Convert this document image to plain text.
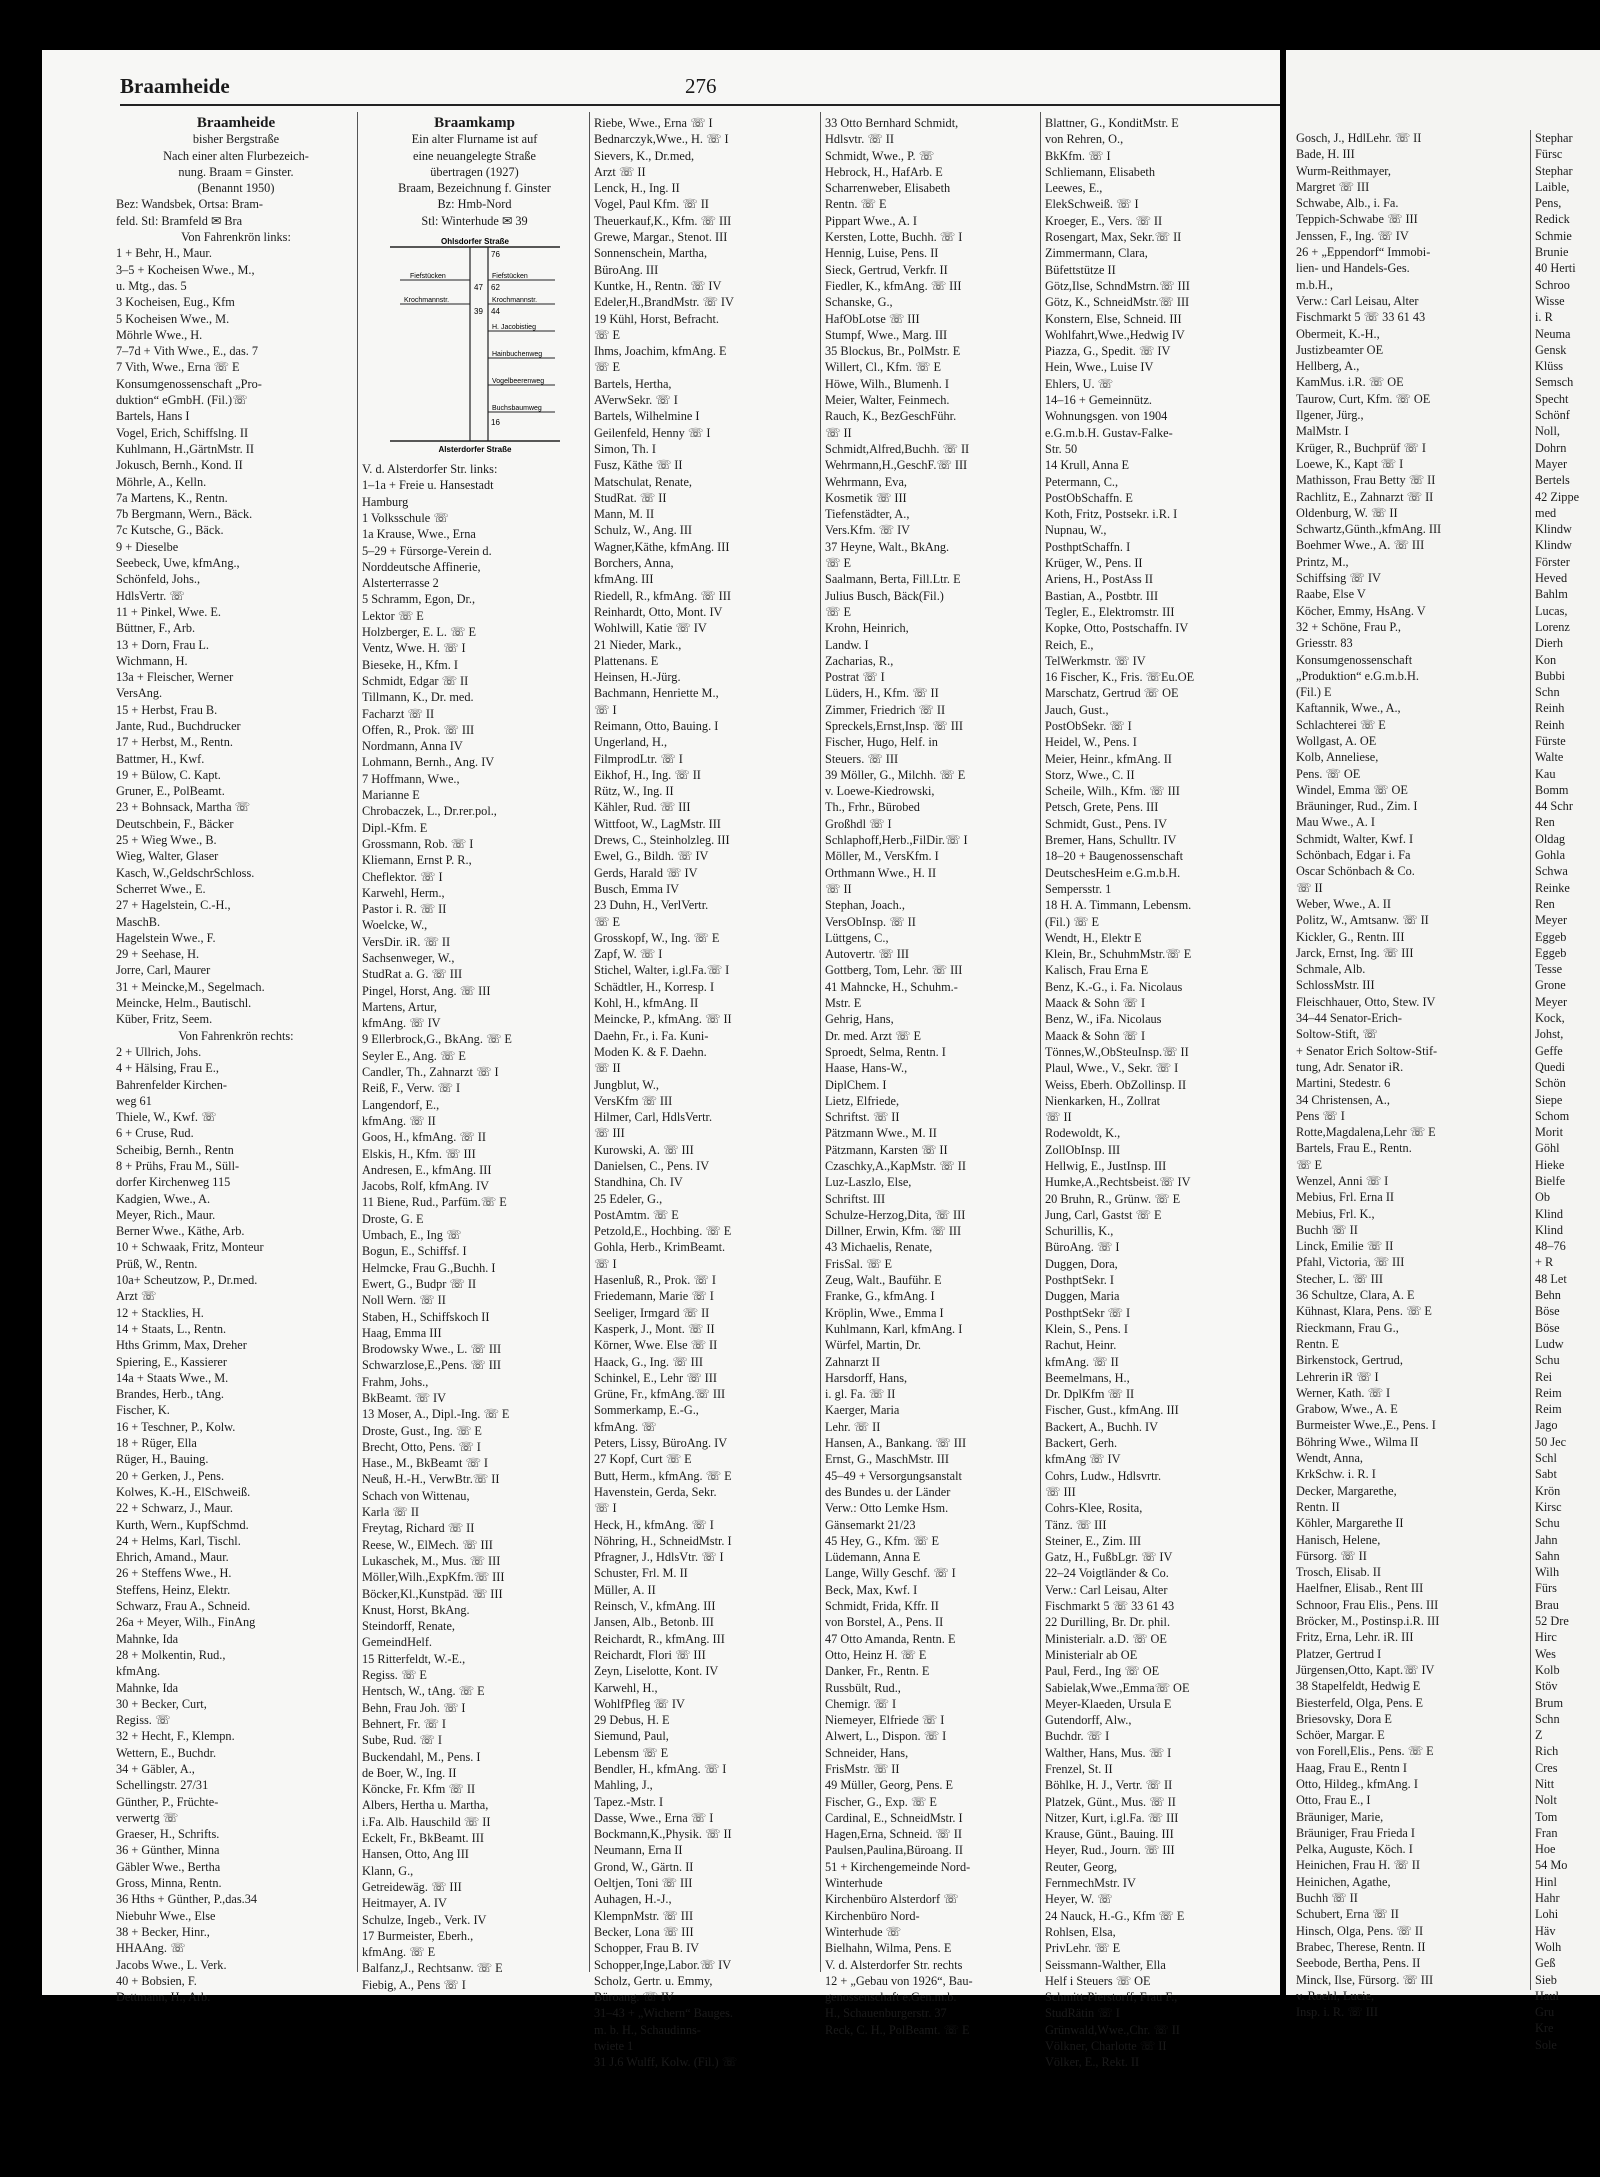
Braamheide	276
Braamheide
bisher Bergstraße
Nach einer alten Flurbezeich-
nung. Braam = Ginster.
(Benannt 1950)
Bez: Wandsbek, Ortsa: Bram-
feld. Stl: Bramfeld ✉ Bra
Von Fahrenkrön links:
1 + Behr, H., Maur.
3–5 + Kocheisen Wwe., M.,
u. Mtg., das. 5
3 Kocheisen, Eug., Kfm
5 Kocheisen Wwe., M.
Möhrle Wwe., H.
7–7d + Vith Wwe., E., das. 7
7 Vith, Wwe., Erna ☏ E
Konsumgenossenschaft „Pro-
duktion“ eGmbH. (Fil.)☏
Bartels, Hans I
Vogel, Erich, Schiffslng. II
Kuhlmann, H.,GärtnMstr. II
Jokusch, Bernh., Kond. II
Möhrle, A., Kelln.
7a Martens, K., Rentn.
7b Bergmann, Wern., Bäck.
7c Kutsche, G., Bäck.
9 + Dieselbe
Seebeck, Uwe, kfmAng.,
Schönfeld, Johs.,
HdlsVertr. ☏
11 + Pinkel, Wwe. E.
Büttner, F., Arb.
13 + Dorn, Frau L.
Wichmann, H.
13a + Fleischer, Werner
VersAng.
15 + Herbst, Frau B.
Jante, Rud., Buchdrucker
17 + Herbst, M., Rentn.
Battmer, H., Kwf.
19 + Bülow, C. Kapt.
Gruner, E., PolBeamt.
23 + Bohnsack, Martha ☏
Deutschbein, F., Bäcker
25 + Wieg Wwe., B.
Wieg, Walter, Glaser
Kasch, W.,GeldschrSchloss.
Scherret Wwe., E.
27 + Hagelstein, C.-H.,
MaschB.
Hagelstein Wwe., F.
29 + Seehase, H.
Jorre, Carl, Maurer
31 + Meincke,M., Segelmach.
Meincke, Helm., Bautischl.
Küber, Fritz, Seem.
Von Fahrenkrön rechts:
2 + Ullrich, Johs.
4 + Hälsing, Frau E.,
Bahrenfelder Kirchen-
weg 61
Thiele, W., Kwf. ☏
6 + Cruse, Rud.
Scheibig, Bernh., Rentn
8 + Prühs, Frau M., Süll-
dorfer Kirchenweg 115
Kadgien, Wwe., A.
Meyer, Rich., Maur.
Berner Wwe., Käthe, Arb.
10 + Schwaak, Fritz, Monteur
Prüß, W., Rentn.
10a+ Scheutzow, P., Dr.med.
Arzt ☏
12 + Stacklies, H.
14 + Staats, L., Rentn.
Hths Grimm, Max, Dreher
Spiering, E., Kassierer
14a + Staats Wwe., M.
Brandes, Herb., tAng.
Fischer, K.
16 + Teschner, P., Kolw.
18 + Rüger, Ella
Rüger, H., Bauing.
20 + Gerken, J., Pens.
Kolwes, K.-H., ElSchweiß.
22 + Schwarz, J., Maur.
Kurth, Wern., KupfSchmd.
24 + Helms, Karl, Tischl.
Ehrich, Amand., Maur.
26 + Steffens Wwe., H.
Steffens, Heinz, Elektr.
Schwarz, Frau A., Schneid.
26a + Meyer, Wilh., FinAng
Mahnke, Ida
28 + Molkentin, Rud.,
kfmAng.
Mahnke, Ida
30 + Becker, Curt,
Regiss. ☏
32 + Hecht, F., Klempn.
Wettern, E., Buchdr.
34 + Gäbler, A.,
Schellingstr. 27/31
Günther, P., Früchte-
verwertg ☏
Graeser, H., Schrifts.
36 + Günther, Minna
Gäbler Wwe., Bertha
Gross, Minna, Rentn.
36 Hths + Günther, P.,das.34
Niebuhr Wwe., Else
38 + Becker, Hinr.,
HHAAng. ☏
Jacobs Wwe., L. Verk.
40 + Bobsien, F.
Dettmann, H., Arb.
Braamkamp
Ein alter Flurname ist auf
eine neuangelegte Straße
übertragen (1927)
Braam, Bezeichnung f. Ginster
Bz: Hmb-Nord
Stl: Winterhude ✉ 39
Ohlsdorfer Straße
76
Fiefstücken	Fiefstücken
47 62
Krochmannstr.	Krochmannstr.
39 44
H. Jacobistieg
Hainbuchenweg
Vogelbeerenweg
Buchsbaumweg
16
Alsterdorfer Straße
V. d. Alsterdorfer Str. links:
1–1a + Freie u. Hansestadt
Hamburg
1 Volksschule ☏
1a Krause, Wwe., Erna
5–29 + Fürsorge-Verein d.
Norddeutsche Affinerie,
Alsterterrasse 2
5 Schramm, Egon, Dr.,
Lektor ☏ E
Holzberger, E. L. ☏ E
Ventz, Wwe. H. ☏ I
Bieseke, H., Kfm. I
Schmidt, Edgar ☏ II
Tillmann, K., Dr. med.
Facharzt ☏ II
Offen, R., Prok. ☏ III
Nordmann, Anna IV
Lohmann, Bernh., Ang. IV
7 Hoffmann, Wwe.,
Marianne E
Chrobaczek, L., Dr.rer.pol.,
Dipl.-Kfm. E
Grossmann, Rob. ☏ I
Kliemann, Ernst P. R.,
Cheflektor. ☏ I
Karwehl, Herm.,
Pastor i. R. ☏ II
Woelcke, W.,
VersDir. iR. ☏ II
Sachsenweger, W.,
StudRat a. G. ☏ III
Pingel, Horst, Ang. ☏ III
Martens, Artur,
kfmAng. ☏ IV
9 Ellerbrock,G., BkAng. ☏ E
Seyler E., Ang. ☏ E
Candler, Th., Zahnarzt ☏ I
Reiß, F., Verw. ☏ I
Langendorf, E.,
kfmAng. ☏ II
Goos, H., kfmAng. ☏ II
Elskis, H., Kfm. ☏ III
Andresen, E., kfmAng. III
Jacobs, Rolf, kfmAng. IV
11 Biene, Rud., Parfüm.☏ E
Droste, G. E
Umbach, E., Ing ☏
Bogun, E., Schiffsf. I
Helmcke, Frau G.,Buchh. I
Ewert, G., Budpr ☏ II
Noll Wern. ☏ II
Staben, H., Schiffskoch II
Haag, Emma III
Brodowsky Wwe., L. ☏ III
Schwarzlose,E.,Pens. ☏ III
Frahm, Johs.,
BkBeamt. ☏ IV
13 Moser, A., Dipl.-Ing. ☏ E
Droste, Gust., Ing. ☏ E
Brecht, Otto, Pens. ☏ I
Hase., M., BkBeamt ☏ I
Neuß, H.-H., VerwBtr.☏ II
Schach von Wittenau,
Karla ☏ II
Freytag, Richard ☏ II
Reese, W., ElMech. ☏ III
Lukaschek, M., Mus. ☏ III
Möller,Wilh.,ExpKfm.☏ III
Böcker,Kl.,Kunstpäd. ☏ III
Knust, Horst, BkAng.
Steindorff, Renate,
GemeindHelf.
15 Ritterfeldt, W.-E.,
Regiss. ☏ E
Hentsch, W., tAng. ☏ E
Behn, Frau Joh. ☏ I
Behnert, Fr. ☏ I
Sube, Rud. ☏ I
Buckendahl, M., Pens. I
de Boer, W., Ing. II
Köncke, Fr. Kfm ☏ II
Albers, Hertha u. Martha,
i.Fa. Alb. Hauschild ☏ II
Eckelt, Fr., BkBeamt. III
Hansen, Otto, Ang III
Klann, G.,
Getreidewäg. ☏ III
Heitmayer, A. IV
Schulze, Ingeb., Verk. IV
17 Burmeister, Eberh.,
kfmAng. ☏ E
Balfanz,J., Rechtsanw. ☏ E
Fiebig, A., Pens ☏ I
Riebe, Wwe., Erna ☏ I
Bednarczyk,Wwe., H. ☏ I
Sievers, K., Dr.med,
Arzt ☏ II
Lenck, H., Ing. II
Vogel, Paul Kfm. ☏ II
Theuerkauf,K., Kfm. ☏ III
Grewe, Margar., Stenot. III
Sonnenschein, Martha,
BüroAng. III
Kuntke, H., Rentn. ☏ IV
Edeler,H.,BrandMstr. ☏ IV
19 Kühl, Horst, Befracht.
☏ E
Ihms, Joachim, kfmAng. E
☏ E
Bartels, Hertha,
AVerwSekr. ☏ I
Bartels, Wilhelmine I
Geilenfeld, Henny ☏ I
Simon, Th. I
Fusz, Käthe ☏ II
Matschulat, Renate,
StudRat. ☏ II
Mann, M. II
Schulz, W., Ang. III
Wagner,Käthe, kfmAng. III
Borchers, Anna,
kfmAng. III
Riedell, R., kfmAng. ☏ III
Reinhardt, Otto, Mont. IV
Wohlwill, Katie ☏ IV
21 Nieder, Mark.,
Plattenans. E
Heinsen, H.-Jürg.
Bachmann, Henriette M.,
☏ I
Reimann, Otto, Bauing. I
Ungerland, H.,
FilmprodLtr. ☏ I
Eikhof, H., Ing. ☏ II
Rütz, W., Ing. II
Kähler, Rud. ☏ III
Wittfoot, W., LagMstr. III
Drews, C., Steinholzleg. III
Ewel, G., Bildh. ☏ IV
Gerds, Harald ☏ IV
Busch, Emma IV
23 Duhn, H., VerlVertr.
☏ E
Grosskopf, W., Ing. ☏ E
Zapf, W. ☏ I
Stichel, Walter, i.gl.Fa.☏ I
Schädtler, H., Korresp. I
Kohl, H., kfmAng. II
Meincke, P., kfmAng. ☏ II
Daehn, Fr., i. Fa. Kuni-
Moden K. & F. Daehn.
☏ II
Jungblut, W.,
VersKfm ☏ III
Hilmer, Carl, HdlsVertr.
☏ III
Kurowski, A. ☏ III
Danielsen, C., Pens. IV
Standhina, Ch. IV
25 Edeler, G.,
PostAmtm. ☏ E
Petzold,E., Hochbing. ☏ E
Gohla, Herb., KrimBeamt.
☏ I
Hasenluß, R., Prok. ☏ I
Friedemann, Marie ☏ I
Seeliger, Irmgard ☏ II
Kasperk, J., Mont. ☏ II
Körner, Wwe. Else ☏ II
Haack, G., Ing. ☏ III
Schinkel, E., Lehr ☏ III
Grüne, Fr., kfmAng.☏ III
Sommerkamp, E.-G.,
kfmAng. ☏
Peters, Lissy, BüroAng. IV
27 Kopf, Curt ☏ E
Butt, Herm., kfmAng. ☏ E
Havenstein, Gerda, Sekr.
☏ I
Heck, H., kfmAng. ☏ I
Nöhring, H., SchneidMstr. I
Pfragner, J., HdlsVtr. ☏ I
Schuster, Frl. M. II
Müller, A. II
Reinsch, V., kfmAng. III
Jansen, Alb., Betonb. III
Reichardt, R., kfmAng. III
Reichardt, Flori ☏ III
Zeyn, Liselotte, Kont. IV
Karwehl, H.,
WohlfPfleg ☏ IV
29 Debus, H. E
Siemund, Paul,
Lebensm ☏ E
Bendler, H., kfmAng. ☏ I
Mahling, J.,
Tapez.-Mstr. I
Dasse, Wwe., Erna ☏ I
Bockmann,K.,Physik. ☏ II
Neumann, Erna II
Grond, W., Gärtn. II
Oeltjen, Toni ☏ III
Auhagen, H.-J.,
KlempnMstr. ☏ III
Becker, Lona ☏ III
Schopper, Frau B. IV
Schopper,Inge,Labor.☏ IV
Scholz, Gertr. u. Emmy,
Büroang. ☏ IV
31–43 + „Wichern“ Bauges.
m. b. H., Schaudinns-
twiete 1
31 J.6 Wulff, Kolw. (Fil.) ☏
33 Otto Bernhard Schmidt,
Hdlsvtr. ☏ II
Schmidt, Wwe., P. ☏
Hebrock, H., HafArb. E
Scharrenweber, Elisabeth
Rentn. ☏ E
Pippart Wwe., A. I
Kersten, Lotte, Buchh. ☏ I
Hennig, Luise, Pens. II
Sieck, Gertrud, Verkfr. II
Fiedler, K., kfmAng. ☏ III
Schanske, G.,
HafObLotse ☏ III
Stumpf, Wwe., Marg. III
35 Blockus, Br., PolMstr. E
Willert, Cl., Kfm. ☏ E
Höwe, Wilh., Blumenh. I
Meier, Walter, Feinmech.
Rauch, K., BezGeschFühr.
☏ II
Schmidt,Alfred,Buchh. ☏ II
Wehrmann,H.,GeschF.☏ III
Wehrmann, Eva,
Kosmetik ☏ III
Tiefenstädter, A.,
Vers.Kfm. ☏ IV
37 Heyne, Walt., BkAng.
☏ E
Saalmann, Berta, Fill.Ltr. E
Julius Busch, Bäck(Fil.)
☏ E
Krohn, Heinrich,
Landw. I
Zacharias, R.,
Postrat ☏ I
Lüders, H., Kfm. ☏ II
Zimmer, Friedrich ☏ II
Spreckels,Ernst,Insp. ☏ III
Fischer, Hugo, Helf. in
Steuers. ☏ III
39 Möller, G., Milchh. ☏ E
v. Loewe-Kiedrowski,
Th., Frhr., Bürobed
Großhdl ☏ I
Schlaphoff,Herb.,FilDir.☏ I
Möller, M., VersKfm. I
Orthmann Wwe., H. II
☏ II
Stephan, Joach.,
VersObInsp. ☏ II
Lüttgens, C.,
Autovertr. ☏ III
Gottberg, Tom, Lehr. ☏ III
41 Mahncke, H., Schuhm.-
Mstr. E
Gehrig, Hans,
Dr. med. Arzt ☏ E
Sproedt, Selma, Rentn. I
Haase, Hans-W.,
DiplChem. I
Lietz, Elfriede,
Schriftst. ☏ II
Pätzmann Wwe., M. II
Pätzmann, Karsten ☏ II
Czaschky,A.,KapMstr. ☏ II
Luz-Laszlo, Else,
Schriftst. III
Schulze-Herzog,Dita, ☏ III
Dillner, Erwin, Kfm. ☏ III
43 Michaelis, Renate,
FrisSal. ☏ E
Zeug, Walt., Bauführ. E
Franke, G., kfmAng. I
Kröplin, Wwe., Emma I
Kuhlmann, Karl, kfmAng. I
Würfel, Martin, Dr.
Zahnarzt II
Harsdorff, Hans,
i. gl. Fa. ☏ II
Kaerger, Maria
Lehr. ☏ II
Hansen, A., Bankang. ☏ III
Ernst, G., MaschMstr. III
45–49 + Versorgungsanstalt
des Bundes u. der Länder
Verw.: Otto Lemke Hsm.
Gänsemarkt 21/23
45 Hey, G., Kfm. ☏ E
Lüdemann, Anna E
Lange, Willy Geschf. ☏ I
Beck, Max, Kwf. I
Schmidt, Frida, Kffr. II
von Borstel, A., Pens. II
47 Otto Amanda, Rentn. E
Otto, Heinz H. ☏ E
Danker, Fr., Rentn. E
Russbült, Rud.,
Chemigr. ☏ I
Niemeyer, Elfriede ☏ I
Alwert, L., Dispon. ☏ I
Schneider, Hans,
FrisMstr. ☏ II
49 Müller, Georg, Pens. E
Fischer, G., Exp. ☏ E
Cardinal, E., SchneidMstr. I
Hagen,Erna, Schneid. ☏ II
Paulsen,Paulina,Büroang. II
51 + Kirchengemeinde Nord-
Winterhude
Kirchenbüro Alsterdorf ☏
Kirchenbüro Nord-
Winterhude ☏
Bielhahn, Wilma, Pens. E
V. d. Alsterdorfer Str. rechts
12 + „Gebau von 1926“, Bau-
genossenschaft e.Gen.m.b.
H., Schauenburgerstr. 37
Reck, C. H., PolBeamt. ☏ E
Blattner, G., KonditMstr. E
von Rehren, O.,
BkKfm. ☏ I
Schliemann, Elisabeth
Leewes, E.,
ElekSchweiß. ☏ I
Kroeger, E., Vers. ☏ II
Rosengart, Max, Sekr.☏ II
Zimmermann, Clara,
Büfettstütze II
Götz,Ilse, SchndMstrn.☏ III
Götz, K., SchneidMstr.☏ III
Konstern, Else, Schneid. III
Wohlfahrt,Wwe.,Hedwig IV
Piazza, G., Spedit. ☏ IV
Hein, Wwe., Luise IV
Ehlers, U. ☏
14–16 + Gemeinnütz.
Wohnungsgen. von 1904
e.G.m.b.H. Gustav-Falke-
Str. 50
14 Krull, Anna E
Petermann, C.,
PostObSchaffn. E
Koth, Fritz, Postsekr. i.R. I
Nupnau, W.,
PosthptSchaffn. I
Krüger, W., Pens. II
Ariens, H., PostAss II
Bastian, A., Postbtr. III
Tegler, E., Elektromstr. III
Kopke, Otto, Postschaffn. IV
Reich, E.,
TelWerkmstr. ☏ IV
16 Fischer, K., Fris. ☏Eu.OE
Marschatz, Gertrud ☏ OE
Jauch, Gust.,
PostObSekr. ☏ I
Heidel, W., Pens. I
Meier, Heinr., kfmAng. II
Storz, Wwe., C. II
Scheile, Wilh., Kfm. ☏ III
Petsch, Grete, Pens. III
Schmidt, Gust., Pens. IV
Bremer, Hans, Schulltr. IV
18–20 + Baugenossenschaft
DeutschesHeim e.G.m.b.H.
Sempersstr. 1
18 H. A. Timmann, Lebensm.
(Fil.) ☏ E
Wendt, H., Elektr E
Klein, Br., SchuhmMstr.☏ E
Kalisch, Frau Erna E
Benz, K.-G., i. Fa. Nicolaus
Maack & Sohn ☏ I
Benz, W., iFa. Nicolaus
Maack & Sohn ☏ I
Tönnes,W.,ObSteuInsp.☏ II
Plaul, Wwe., V., Sekr. ☏ I
Weiss, Eberh. ObZollinsp. II
Nienkarken, H., Zollrat
☏ II
Rodewoldt, K.,
ZollObInsp. III
Hellwig, E., JustInsp. III
Humke,A.,Rechtsbeist.☏ IV
20 Bruhn, R., Grünw. ☏ E
Jung, Carl, Gastst ☏ E
Schurillis, K.,
BüroAng. ☏ I
Duggen, Dora,
PosthptSekr. I
Duggen, Maria
PosthptSekr ☏ I
Klein, S., Pens. I
Rachut, Heinr.
kfmAng. ☏ II
Beemelmans, H.,
Dr. DplKfm ☏ II
Fischer, Gust., kfmAng. III
Backert, A., Buchh. IV
Backert, Gerh.
kfmAng ☏ IV
Cohrs, Ludw., Hdlsvrtr.
☏ III
Cohrs-Klee, Rosita,
Tänz. ☏ III
Steiner, E., Zim. III
Gatz, H., FußbLgr. ☏ IV
22–24 Voigtländer & Co.
Verw.: Carl Leisau, Alter
Fischmarkt 5 ☏ 33 61 43
22 Durilling, Br. Dr. phil.
Ministerialr. a.D. ☏ OE
Ministerialr ab OE
Paul, Ferd., Ing ☏ OE
Sabielak,Wwe.,Emma☏ OE
Meyer-Klaeden, Ursula E
Gutendorff, Alw.,
Buchdr. ☏ I
Walther, Hans, Mus. ☏ I
Frenzel, St. II
Böhlke, H. J., Vertr. ☏ II
Platzek, Günt., Mus. ☏ II
Nitzer, Kurt, i.gl.Fa. ☏ III
Krause, Günt., Bauing. III
Heyer, Rud., Journ. ☏ III
Reuter, Georg,
FernmechMstr. IV
Heyer, W. ☏
24 Nauck, H.-G., Kfm ☏ E
Rohlsen, Elsa,
PrivLehr. ☏ E
Seissmann-Walther, Ella
Helf i Steuers ☏ OE
Schmitt-Pierstorff, Frau F.,
StudRätin ☏ I
Grünwald,Wwe.,Chr. ☏ II
Völkner, Charlotte ☏ II
Völker, E., Rekt. II
Gosch, J., HdlLehr. ☏ II
Bade, H. III
Wurm-Reithmayer,
Margret ☏ III
Schwabe, Alb., i. Fa.
Teppich-Schwabe ☏ III
Jenssen, F., Ing. ☏ IV
26 + „Eppendorf“ Immobi-
lien- und Handels-Ges.
m.b.H.,
Verw.: Carl Leisau, Alter
Fischmarkt 5 ☏ 33 61 43
Obermeit, K.-H.,
Justizbeamter OE
Hellberg, A.,
KamMus. i.R. ☏ OE
Taurow, Curt, Kfm. ☏ OE
Ilgener, Jürg.,
MalMstr. I
Krüger, R., Buchprüf ☏ I
Loewe, K., Kapt ☏ I
Mathisson, Frau Betty ☏ II
Rachlitz, E., Zahnarzt ☏ II
Oldenburg, W. ☏ II
Schwartz,Günth.,kfmAng. III
Boehmer Wwe., A. ☏ III
Printz, M.,
Schiffsing ☏ IV
Raabe, Else V
Köcher, Emmy, HsAng. V
32 + Schöne, Frau P.,
Griesstr. 83
Konsumgenossenschaft
„Produktion“ e.G.m.b.H.
(Fil.) E
Kaftannik, Wwe., A.,
Schlachterei ☏ E
Wollgast, A. OE
Kolb, Anneliese,
Pens. ☏ OE
Windel, Emma ☏ OE
Bräuninger, Rud., Zim. I
Mau Wwe., A. I
Schmidt, Walter, Kwf. I
Schönbach, Edgar i. Fa
Oscar Schönbach & Co.
☏ II
Weber, Wwe., A. II
Politz, W., Amtsanw. ☏ II
Kickler, G., Rentn. III
Jarck, Ernst, Ing. ☏ III
Schmale, Alb.
SchlossMstr. III
Fleischhauer, Otto, Stew. IV
34–44 Senator-Erich-
Soltow-Stift, ☏
+ Senator Erich Soltow-Stif-
tung, Adr. Senator iR.
Martini, Stedestr. 6
34 Christensen, A.,
Pens ☏ I
Rotte,Magdalena,Lehr ☏ E
Bartels, Frau E., Rentn.
☏ E
Wenzel, Anni ☏ I
Mebius, Frl. Erna II
Mebius, Frl. K.,
Buchh ☏ II
Linck, Emilie ☏ II
Pfahl, Victoria, ☏ III
Stecher, L. ☏ III
36 Schultze, Clara, A. E
Kühnast, Klara, Pens. ☏ E
Rieckmann, Frau G.,
Rentn. E
Birkenstock, Gertrud,
Lehrerin iR ☏ I
Werner, Kath. ☏ I
Grabow, Wwe., A. E
Burmeister Wwe.,E., Pens. I
Böhring Wwe., Wilma II
Wendt, Anna,
KrkSchw. i. R. I
Decker, Margarethe,
Rentn. II
Köhler, Margarethe II
Hanisch, Helene,
Fürsorg. ☏ II
Trosch, Elisab. II
Haelfner, Elisab., Rent III
Schnoor, Frau Elis., Pens. III
Bröcker, M., Postinsp.i.R. III
Fritz, Erna, Lehr. iR. III
Platzer, Gertrud I
Jürgensen,Otto, Kapt.☏ IV
38 Stapelfeldt, Hedwig E
Biesterfeld, Olga, Pens. E
Briesovsky, Dora E
Schöer, Margar. E
von Forell,Elis., Pens. ☏ E
Haag, Frau E., Rentn I
Otto, Hildeg., kfmAng. I
Otto, Frau E., I
Bräuniger, Marie,
Bräuniger, Frau Frieda I
Pelka, Auguste, Köch. I
Heinichen, Frau H. ☏ II
Heinichen, Agathe,
Buchh ☏ II
Schubert, Erna ☏ II
Hinsch, Olga, Pens. ☏ II
Brabec, Therese, Rentn. II
Seebode, Bertha, Pens. II
Minck, Ilse, Fürsorg. ☏ III
v. Roehl, Lucie,
Insp. i. R. ☏ III
Stephar
Fürsc
Stephar
Laible,
Pens,
Redick
Schmie
Brunie
40 Herti
Schroo
Wisse
i. R
Neuma
Gensk
Klüss
Semsch
Specht
Schönf
Noll,
Dohrn
Mayer
Bertels
42 Zippe
med
Klindw
Klindw
Förster
Heved
Bahlm
Lucas,
Lorenz
Dierh
Kon
Bubbi
Schn
Reinh
Reinh
Fürste
Walte
Kau
Bomm
44 Schr
Ren
Oldag
Gohla
Schwa
Reinke
Ren
Meyer
Eggeb
Eggeb
Tesse
Grone
Meyer
Kock,
Johst,
Geffe
Quedi
Schön
Siepe
Schom
Morit
Göhl
Hieke
Bielfe
Ob
Klind
Klind
48–76
+ R
48 Let
Behn
Böse
Böse
Ludw
Schu
Rei
Reim
Reim
Jago
50 Jec
Schl
Sabt
Krön
Kirsc
Schu
Jahn
Sahn
Wilh
Fürs
Brau
52 Dre
Hirc
Wes
Kolb
Stöv
Brum
Schn
Z
Rich
Cres
Nitt
Nolt
Tom
Fran
Hoe
54 Mo
Hinl
Hahr
Lohi
Häv
Wolh
Geß
Sieb
Haul
Gru
Kre
Sole
